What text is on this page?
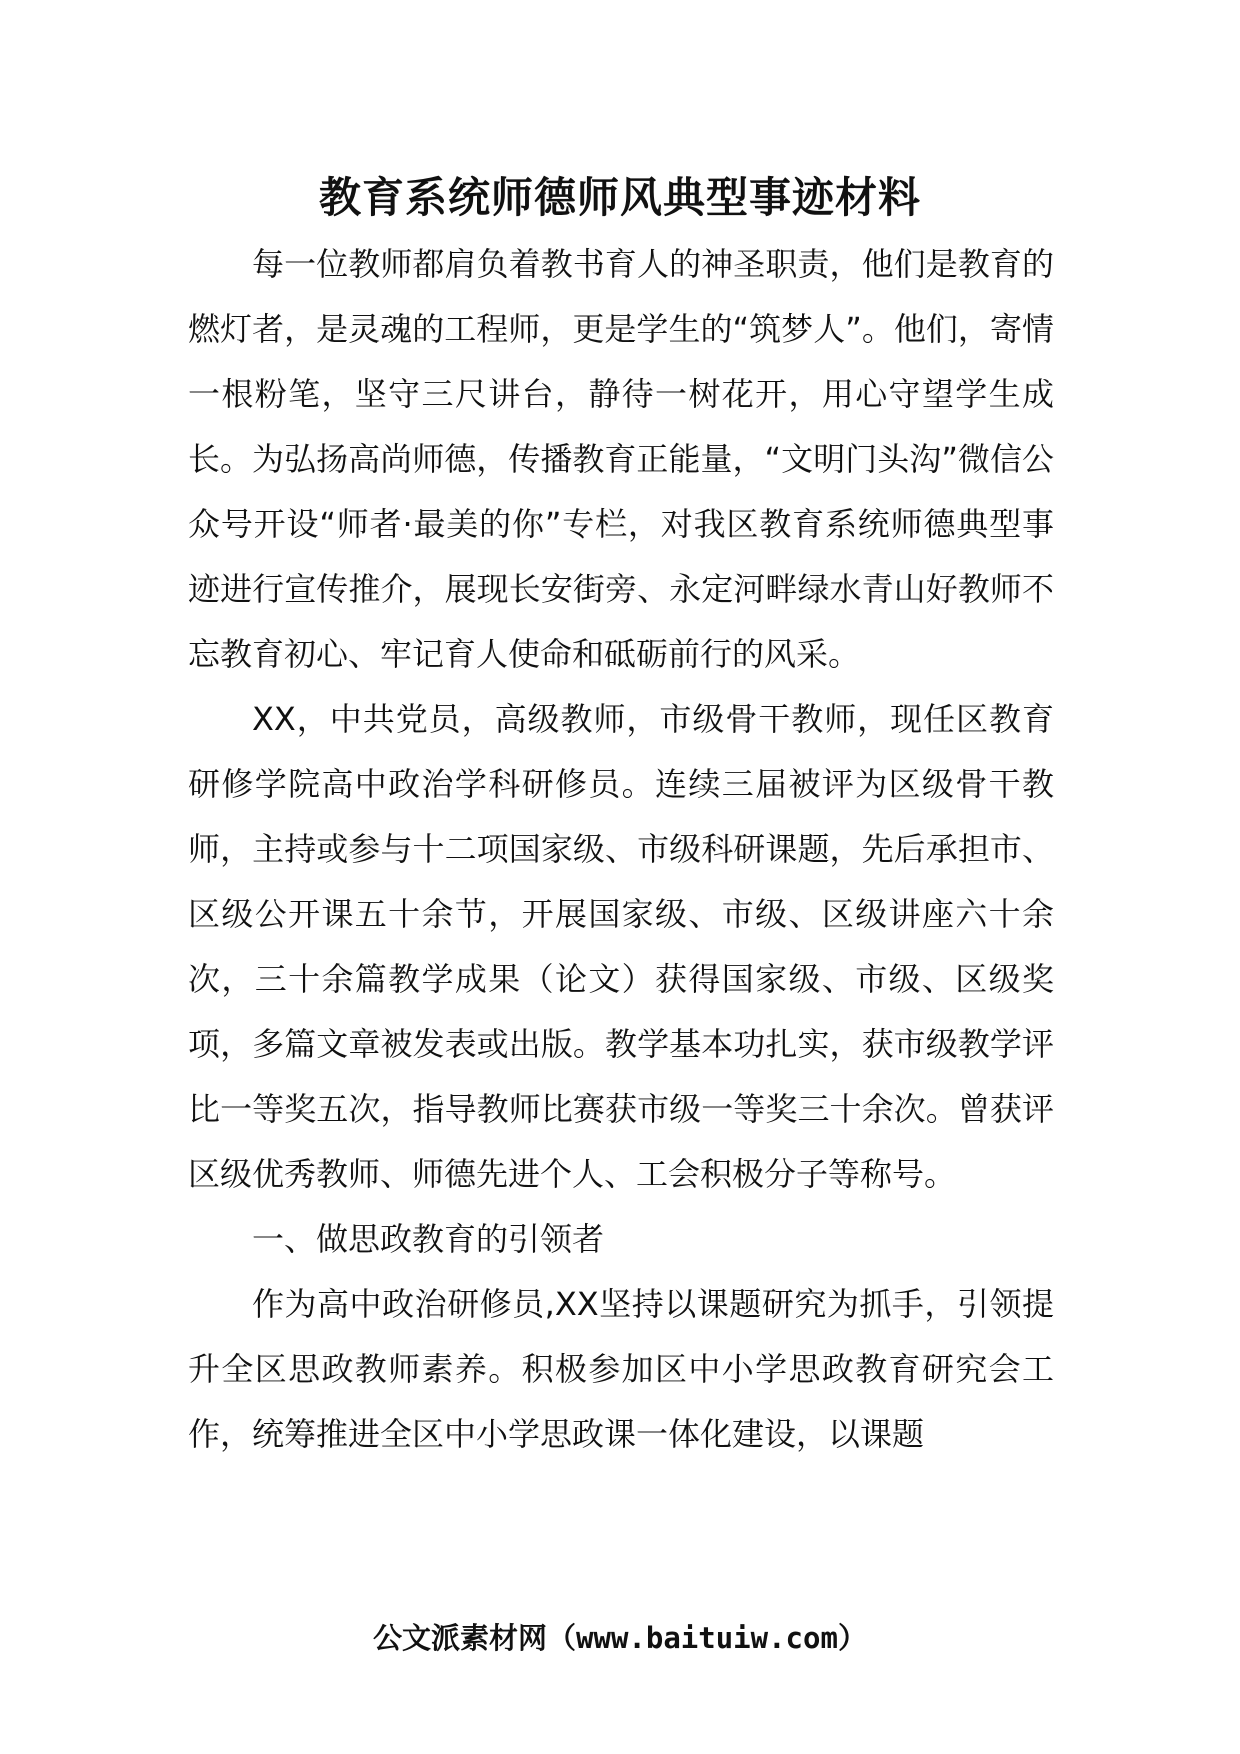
教育系统师德师风典型事迹材料

每一位教师都肩负着教书育人的神圣职责，他们是教育的燃灯者，是灵魂的工程师，更是学生的“筑梦人”。他们，寄情一根粉笔，坚守三尺讲台，静待一树花开，用心守望学生成长。为弘扬高尚师德，传播教育正能量，“文明门头沟”微信公众号开设“师者·最美的你”专栏，对我区教育系统师德典型事迹进行宣传推介，展现长安街旁、永定河畔绿水青山好教师不忘教育初心、牢记育人使命和砥砺前行的风采。

XX，中共党员，高级教师，市级骨干教师，现任区教育研修学院高中政治学科研修员。连续三届被评为区级骨干教师，主持或参与十二项国家级、市级科研课题，先后承担市、区级公开课五十余节，开展国家级、市级、区级讲座六十余次，三十余篇教学成果（论文）获得国家级、市级、区级奖项，多篇文章被发表或出版。教学基本功扎实，获市级教学评比一等奖五次，指导教师比赛获市级一等奖三十余次。曾获评区级优秀教师、师德先进个人、工会积极分子等称号。

一、做思政教育的引领者

作为高中政治研修员,XX坚持以课题研究为抓手，引领提升全区思政教师素养。积极参加区中小学思政教育研究会工作，统筹推进全区中小学思政课一体化建设，以课题

公文派素材网（www.baituiw.com）
